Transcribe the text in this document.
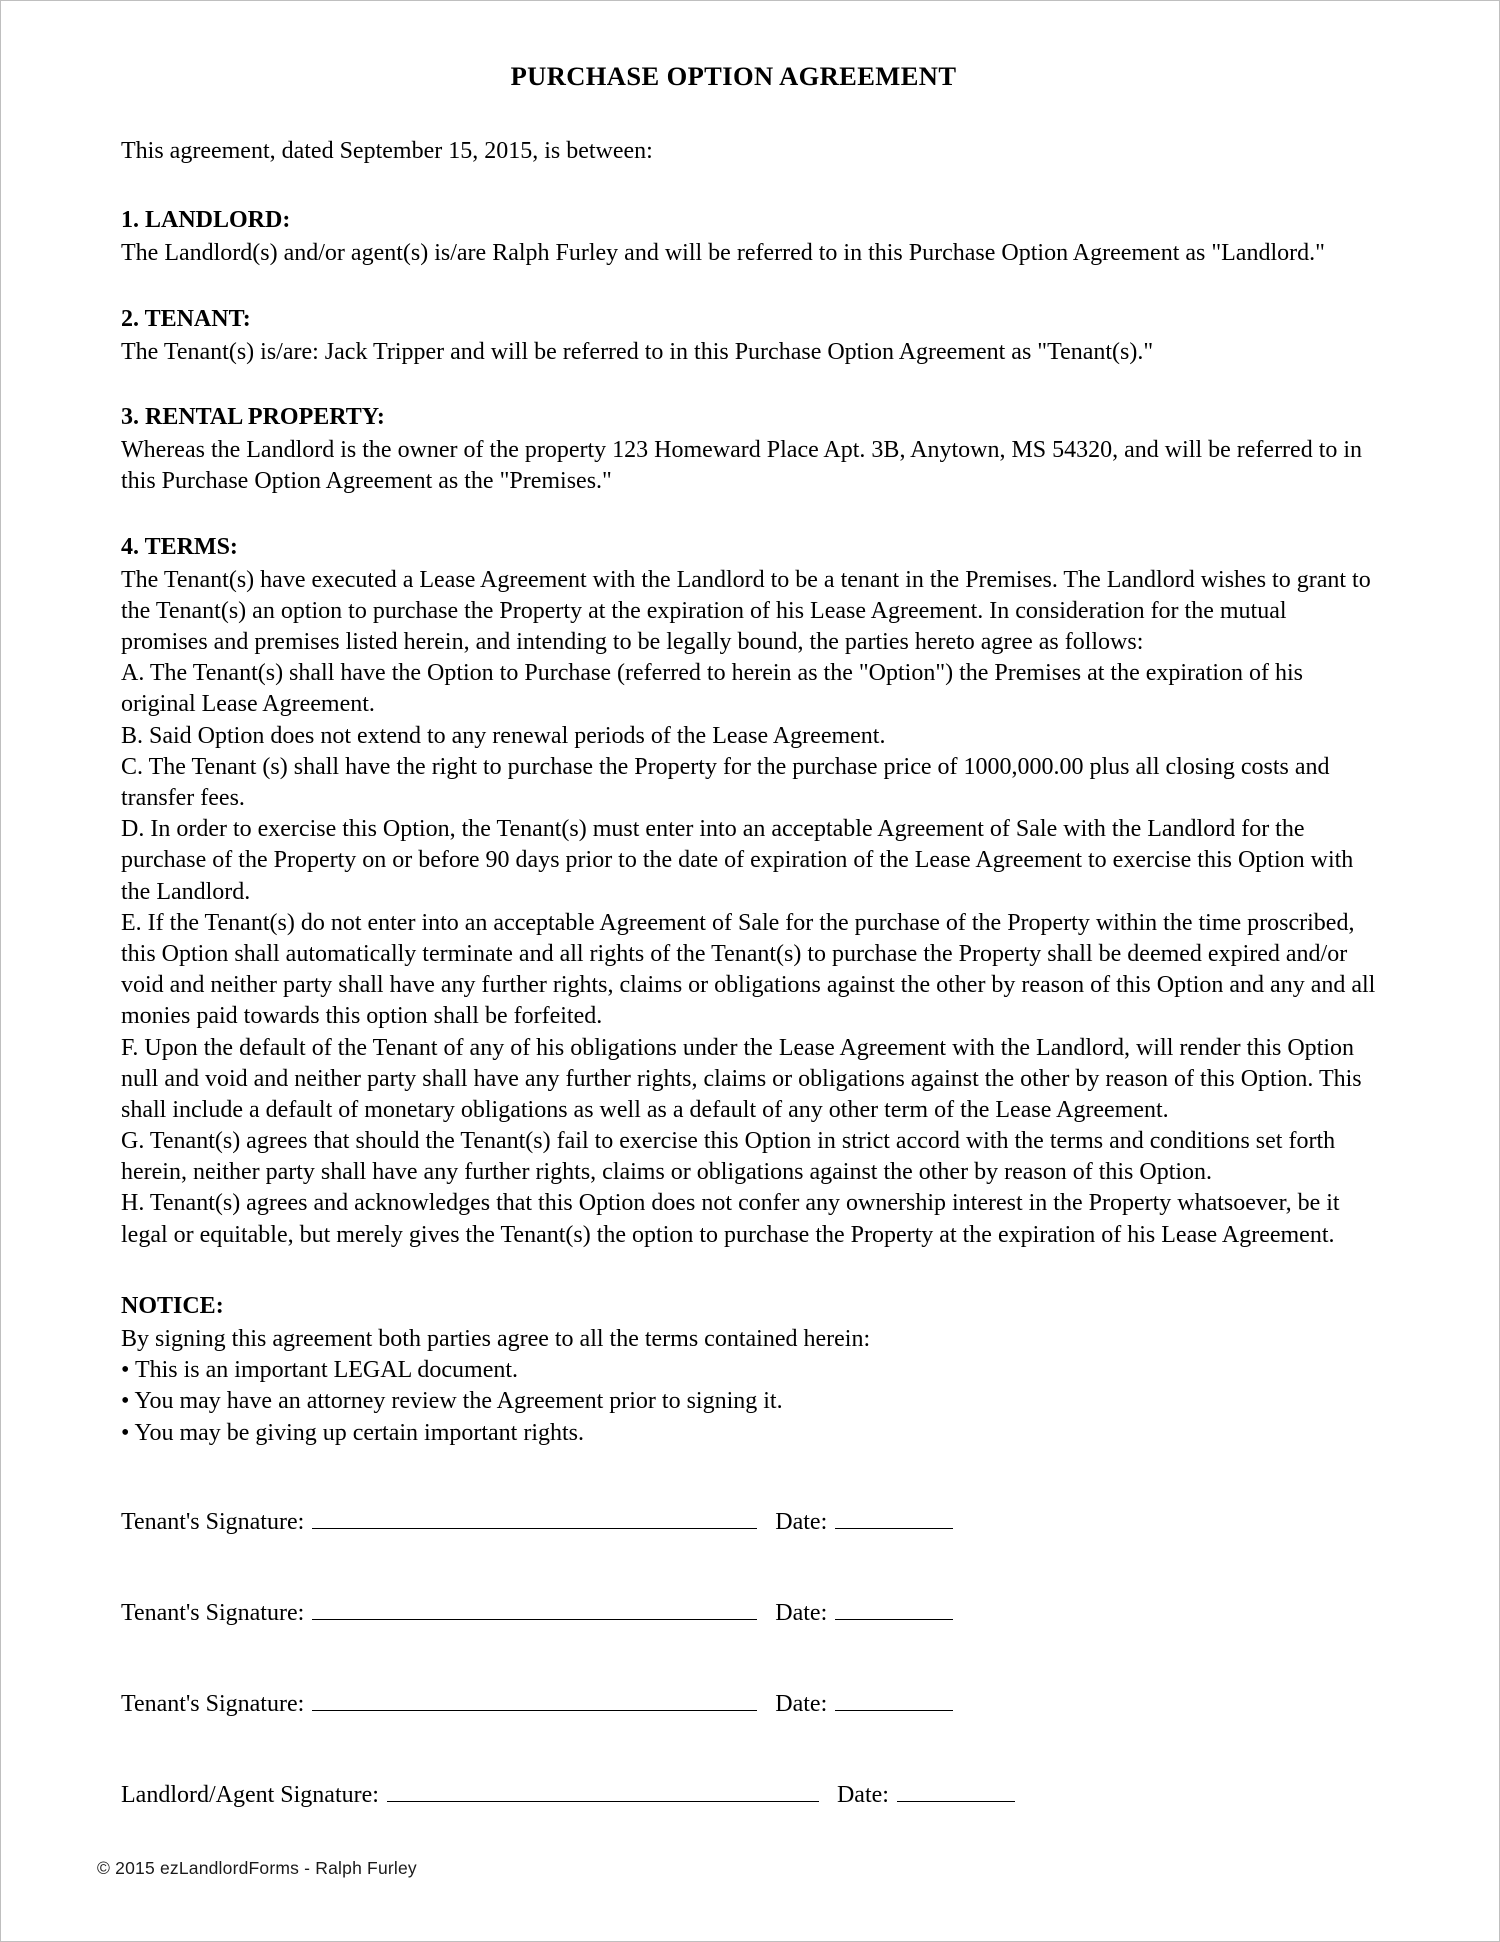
PURCHASE OPTION AGREEMENT

This agreement, dated September 15, 2015, is between:

1. LANDLORD:
The Landlord(s) and/or agent(s) is/are Ralph Furley and will be referred to in this Purchase Option Agreement as "Landlord."
2. TENANT:
The Tenant(s) is/are: Jack Tripper and will be referred to in this Purchase Option Agreement as "Tenant(s)."
3. RENTAL PROPERTY:
Whereas the Landlord is the owner of the property 123 Homeward Place Apt. 3B, Anytown, MS 54320, and will be referred to in this Purchase Option Agreement as the "Premises."
4. TERMS:
The Tenant(s) have executed a Lease Agreement with the Landlord to be a tenant in the Premises. The Landlord wishes to grant to the Tenant(s) an option to purchase the Property at the expiration of his Lease Agreement. In consideration for the mutual promises and premises listed herein, and intending to be legally bound, the parties hereto agree as follows:
A. The Tenant(s) shall have the Option to Purchase (referred to herein as the "Option") the Premises at the expiration of his original Lease Agreement.
B. Said Option does not extend to any renewal periods of the Lease Agreement.
C. The Tenant (s) shall have the right to purchase the Property for the purchase price of 1000,000.00 plus all closing costs and transfer fees.
D. In order to exercise this Option, the Tenant(s) must enter into an acceptable Agreement of Sale with the Landlord for the purchase of the Property on or before 90 days prior to the date of expiration of the Lease Agreement to exercise this Option with the Landlord.
E. If the Tenant(s) do not enter into an acceptable Agreement of Sale for the purchase of the Property within the time proscribed, this Option shall automatically terminate and all rights of the Tenant(s) to purchase the Property shall be deemed expired and/or void and neither party shall have any further rights, claims or obligations against the other by reason of this Option and any and all monies paid towards this option shall be forfeited.
F. Upon the default of the Tenant of any of his obligations under the Lease Agreement with the Landlord, will render this Option null and void and neither party shall have any further rights, claims or obligations against the other by reason of this Option. This shall include a default of monetary obligations as well as a default of any other term of the Lease Agreement.
G. Tenant(s) agrees that should the Tenant(s) fail to exercise this Option in strict accord with the terms and conditions set forth herein, neither party shall have any further rights, claims or obligations against the other by reason of this Option.
H. Tenant(s) agrees and acknowledges that this Option does not confer any ownership interest in the Property whatsoever, be it legal or equitable, but merely gives the Tenant(s) the option to purchase the Property at the expiration of his Lease Agreement.
NOTICE:
By signing this agreement both parties agree to all the terms contained herein:
• This is an important LEGAL document.
• You may have an attorney review the Agreement prior to signing it.
• You may be giving up certain important rights.
Tenant's Signature:	Date:
Tenant's Signature:	Date:
Tenant's Signature:	Date:
Landlord/Agent Signature:	Date:
© 2015 ezLandlordForms - Ralph Furley
